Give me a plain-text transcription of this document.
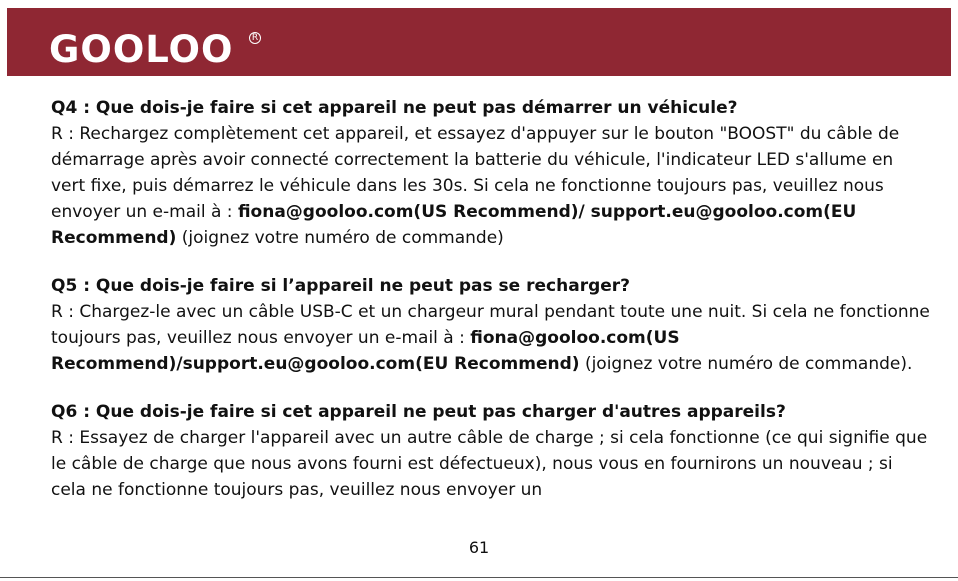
GOOLOO	R
Q4 : Que dois-je faire si cet appareil ne peut pas démarrer un véhicule?
R : Rechargez complètement cet appareil, et essayez d'appuyer sur le bouton "BOOST" du câble de démarrage après avoir connecté correctement la batterie du véhicule, l'indicateur LED s'allume en vert fixe, puis démarrez le véhicule dans les 30s. Si cela ne fonctionne toujours pas, veuillez nous envoyer un e-mail à : fiona@gooloo.com(US Recommend)/ support.eu@gooloo.com(EU Recommend) (joignez votre numéro de commande)
Q5 : Que dois-je faire si l’appareil ne peut pas se recharger?
R : Chargez-le avec un câble USB-C et un chargeur mural pendant toute une nuit. Si cela ne fonctionne toujours pas, veuillez nous envoyer un e-mail à : fiona@gooloo.com(US Recommend)/support.eu@gooloo.com(EU Recommend) (joignez votre numéro de commande).
Q6 : Que dois-je faire si cet appareil ne peut pas charger d'autres appareils?
R : Essayez de charger l'appareil avec un autre câble de charge ; si cela fonctionne (ce qui signifie que le câble de charge que nous avons fourni est défectueux), nous vous en fournirons un nouveau ; si cela ne fonctionne toujours pas, veuillez nous envoyer un
61
